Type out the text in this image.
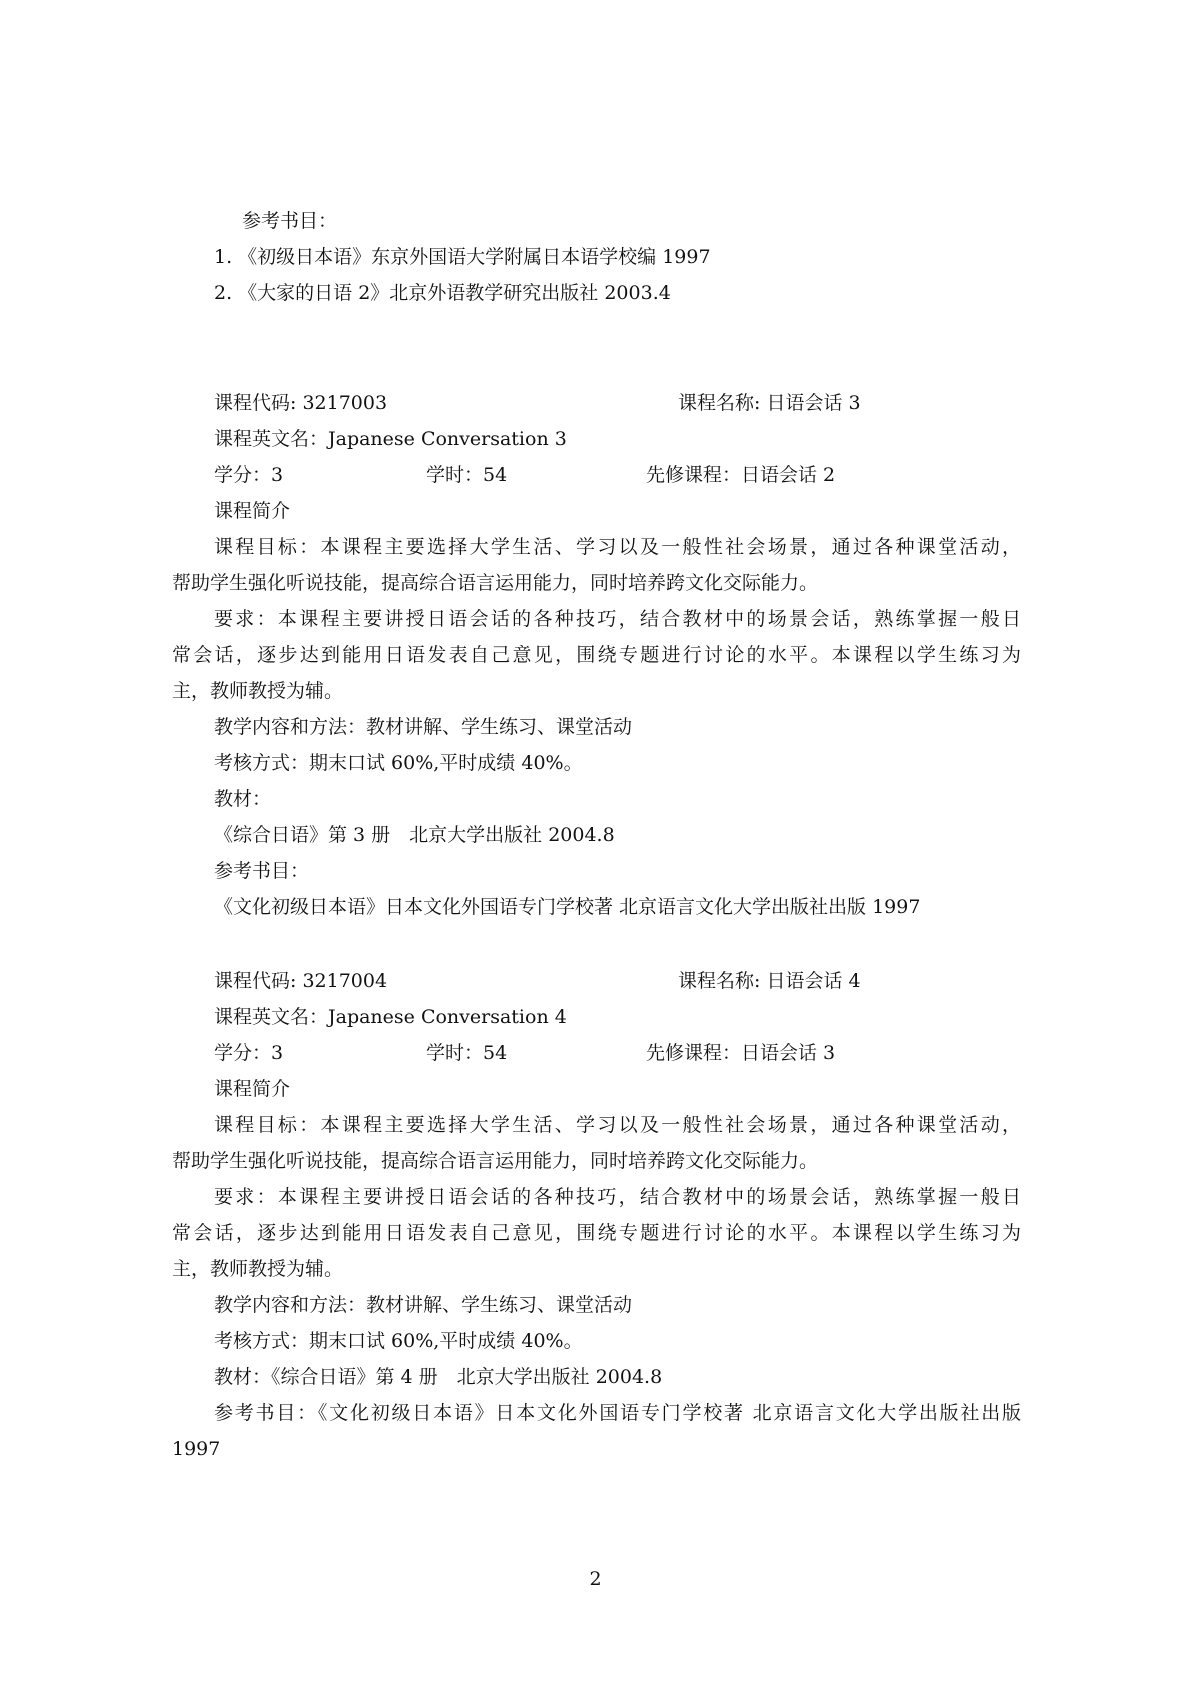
参考书目：
1. 《初级日本语》东京外国语大学附属日本语学校编 1997
2. 《大家的日语 2》北京外语教学研究出版社 2003.4
课程代码: 3217003	课程名称: 日语会话 3
课程英文名：Japanese Conversation 3
学分：3	学时：54	先修课程：日语会话 2
课程简介
课程目标：本课程主要选择大学生活、学习以及一般性社会场景，通过各种课堂活动，
帮助学生强化听说技能，提高综合语言运用能力，同时培养跨文化交际能力。
要求：本课程主要讲授日语会话的各种技巧，结合教材中的场景会话，熟练掌握一般日
常会话，逐步达到能用日语发表自己意见，围绕专题进行讨论的水平。本课程以学生练习为
主，教师教授为辅。
教学内容和方法：教材讲解、学生练习、课堂活动
考核方式：期末口试 60%,平时成绩 40%。
教材：
《综合日语》第 3 册　北京大学出版社 2004.8
参考书目：
《文化初级日本语》日本文化外国语专门学校著 北京语言文化大学出版社出版 1997
课程代码: 3217004	课程名称: 日语会话 4
课程英文名：Japanese Conversation 4
学分：3	学时：54	先修课程：日语会话 3
课程简介
课程目标：本课程主要选择大学生活、学习以及一般性社会场景，通过各种课堂活动，
帮助学生强化听说技能，提高综合语言运用能力，同时培养跨文化交际能力。
要求：本课程主要讲授日语会话的各种技巧，结合教材中的场景会话，熟练掌握一般日
常会话，逐步达到能用日语发表自己意见，围绕专题进行讨论的水平。本课程以学生练习为
主，教师教授为辅。
教学内容和方法：教材讲解、学生练习、课堂活动
考核方式：期末口试 60%,平时成绩 40%。
教材：《综合日语》第 4 册　北京大学出版社 2004.8
参考书目：《文化初级日本语》日本文化外国语专门学校著 北京语言文化大学出版社出版
1997
2
